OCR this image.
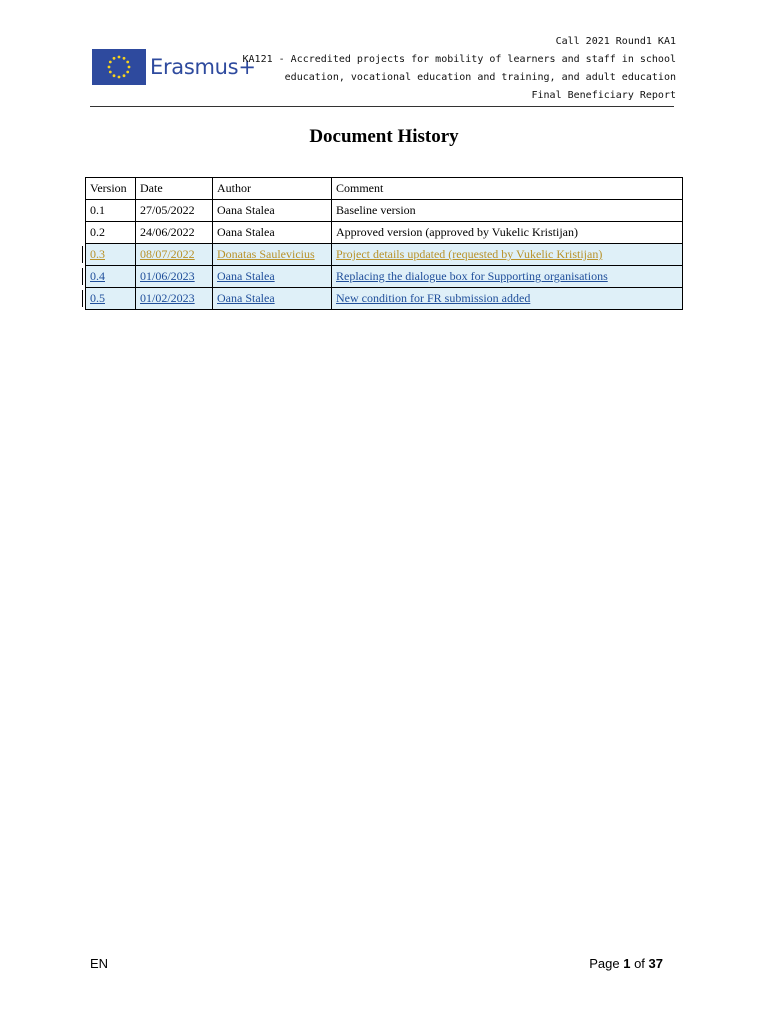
Erasmus+
Call 2021 Round1 KA1
KA121 - Accredited projects for mobility of learners and staff in school
education, vocational education and training, and adult education
Final Beneficiary Report
Document History
Version	Date	Author	Comment
0.1	27/05/2022	Oana Stalea	Baseline version
0.2	24/06/2022	Oana Stalea	Approved version (approved by Vukelic Kristijan)
0.3	08/07/2022	Donatas Saulevicius	Project details updated (requested by Vukelic Kristijan)
0.4	01/06/2023	Oana Stalea	Replacing the dialogue box for Supporting organisations
0.5	01/02/2023	Oana Stalea	New condition for FR submission added
EN	Page 1 of 37
